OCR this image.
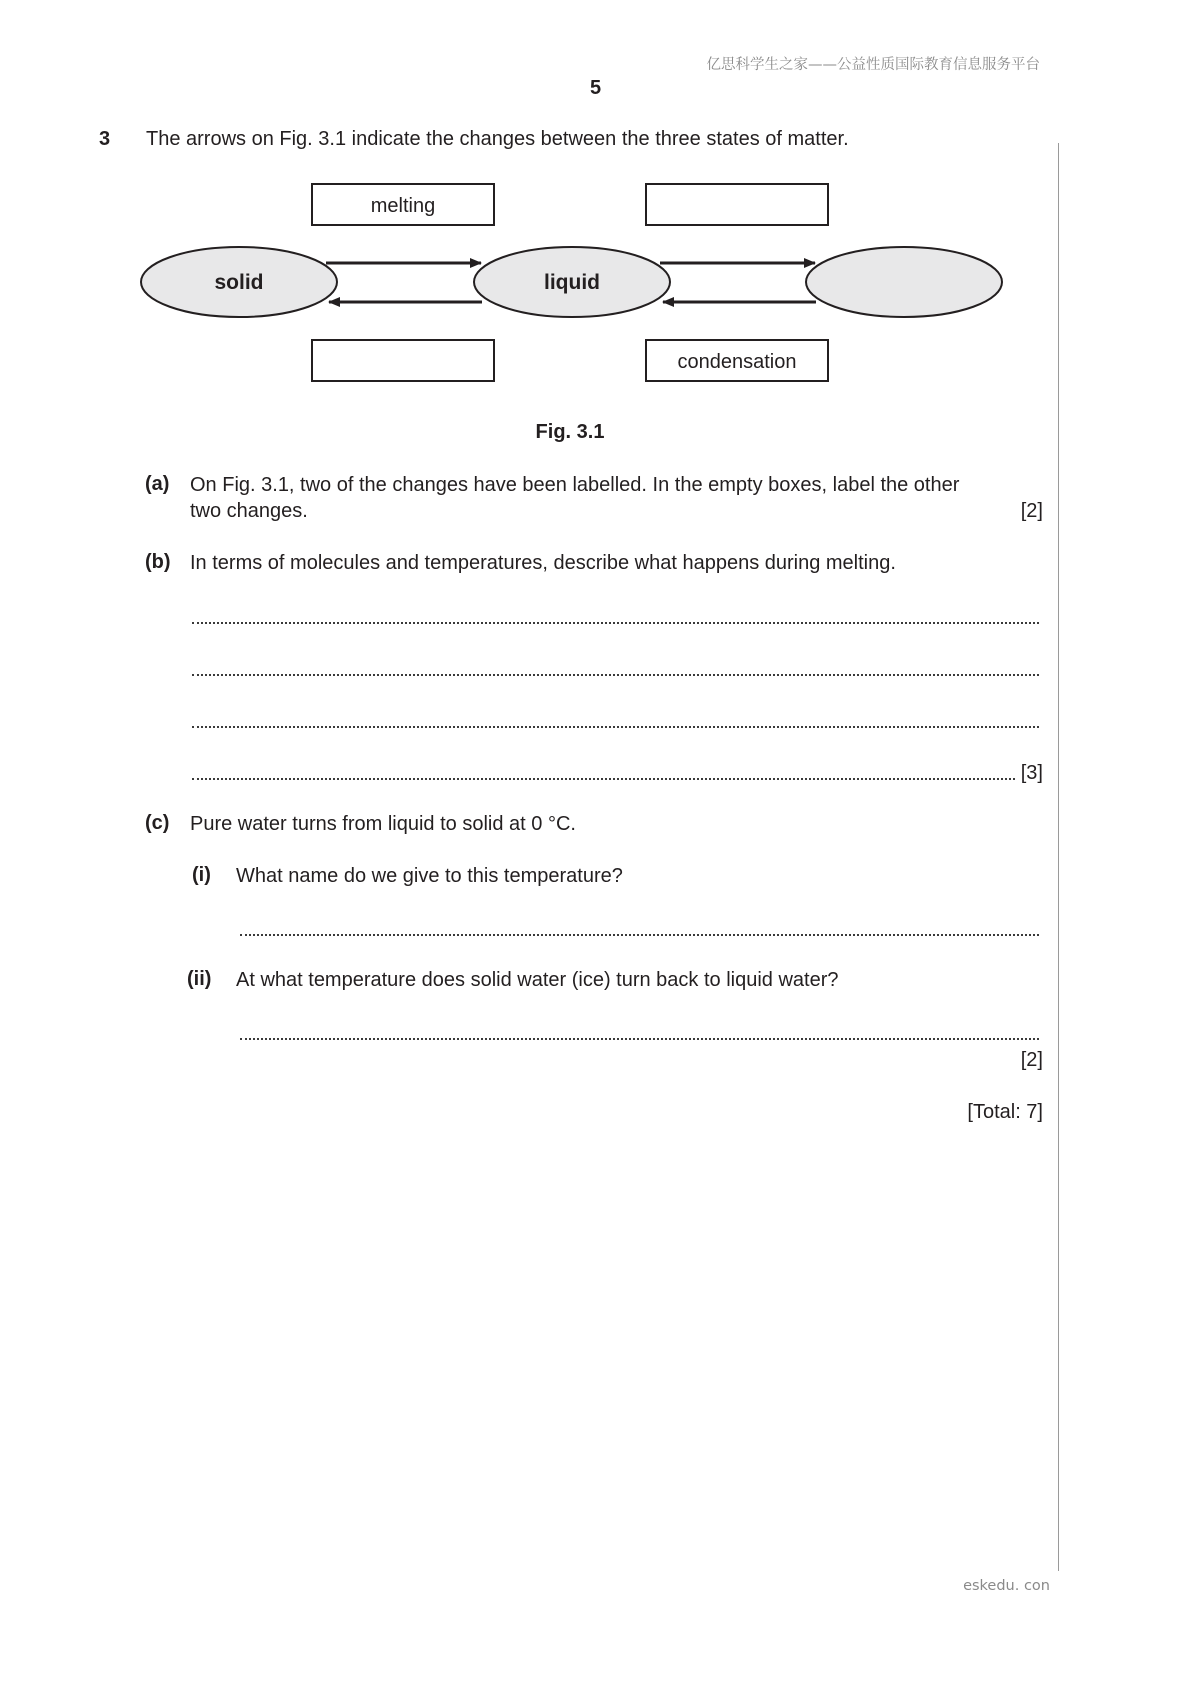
亿思科学生之家——公益性质国际教育信息服务平台
5
3 The arrows on Fig. 3.1 indicate the changes between the three states of matter.
melting
solid	liquid
condensation
Fig. 3.1
(a) On Fig. 3.1, two of the changes have been labelled. In the empty boxes, label the other
two changes.	[2]
(b) In terms of molecules and temperatures, describe what happens during melting.
[3]
(c) Pure water turns from liquid to solid at 0 °C.
(i) What name do we give to this temperature?
(ii) At what temperature does solid water (ice) turn back to liquid water?
[2]
[Total: 7]
eskedu. con
